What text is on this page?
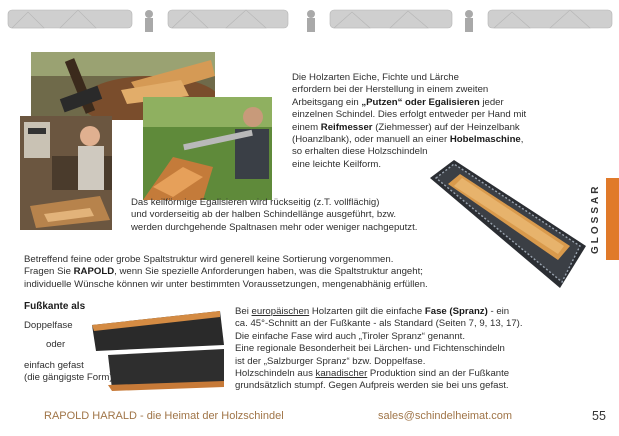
Die Holzarten Eiche, Fichte und Lärche
erfordern bei der Herstellung in einem zweiten
Arbeitsgang ein „Putzen“ oder Egalisieren jeder
einzelnen Schindel. Dies erfolgt entweder per Hand mit
einem Reifmesser (Ziehmesser) auf der Heinzelbank
(Hoanzlbank), oder manuell an einer Hobelmaschine,
so erhalten diese Holzschindeln
eine leichte Keilform.

Das keilförmige Egalisieren wird rückseitig (z.T. vollflächig)
und vorderseitig ab der halben Schindellänge ausgeführt, bzw.
werden durchgehende Spaltnasen mehr oder weniger nachgeputzt.

Betreffend feine oder grobe Spaltstruktur wird generell keine Sortierung vorgenommen.
Fragen Sie RAPOLD, wenn Sie spezielle Anforderungen haben, was die Spaltstruktur angeht;
individuelle Wünsche können wir unter bestimmten Voraussetzungen, mengenabhänig erfüllen.

Fußkante als
Doppelfase
oder
einfach gefast
(die gängigste Form)

Bei europäischen Holzarten gilt die einfache Fase (Spranz) - ein
ca. 45°-Schnitt an der Fußkante - als Standard (Seiten 7, 9, 13, 17).
Die einfache Fase wird auch „Tiroler Spranz“ genannt.
Eine regionale Besonderheit bei Lärchen- und Fichtenschindeln
ist der „Salzburger Spranz“ bzw. Doppelfase.
Holzschindeln aus kanadischer Produktion sind an der Fußkante
grundsätzlich stumpf. Gegen Aufpreis werden sie bei uns gefast.

GLOSSAR
RAPOLD HARALD - die Heimat der Holzschindel	sales@schindelheimat.com	55
